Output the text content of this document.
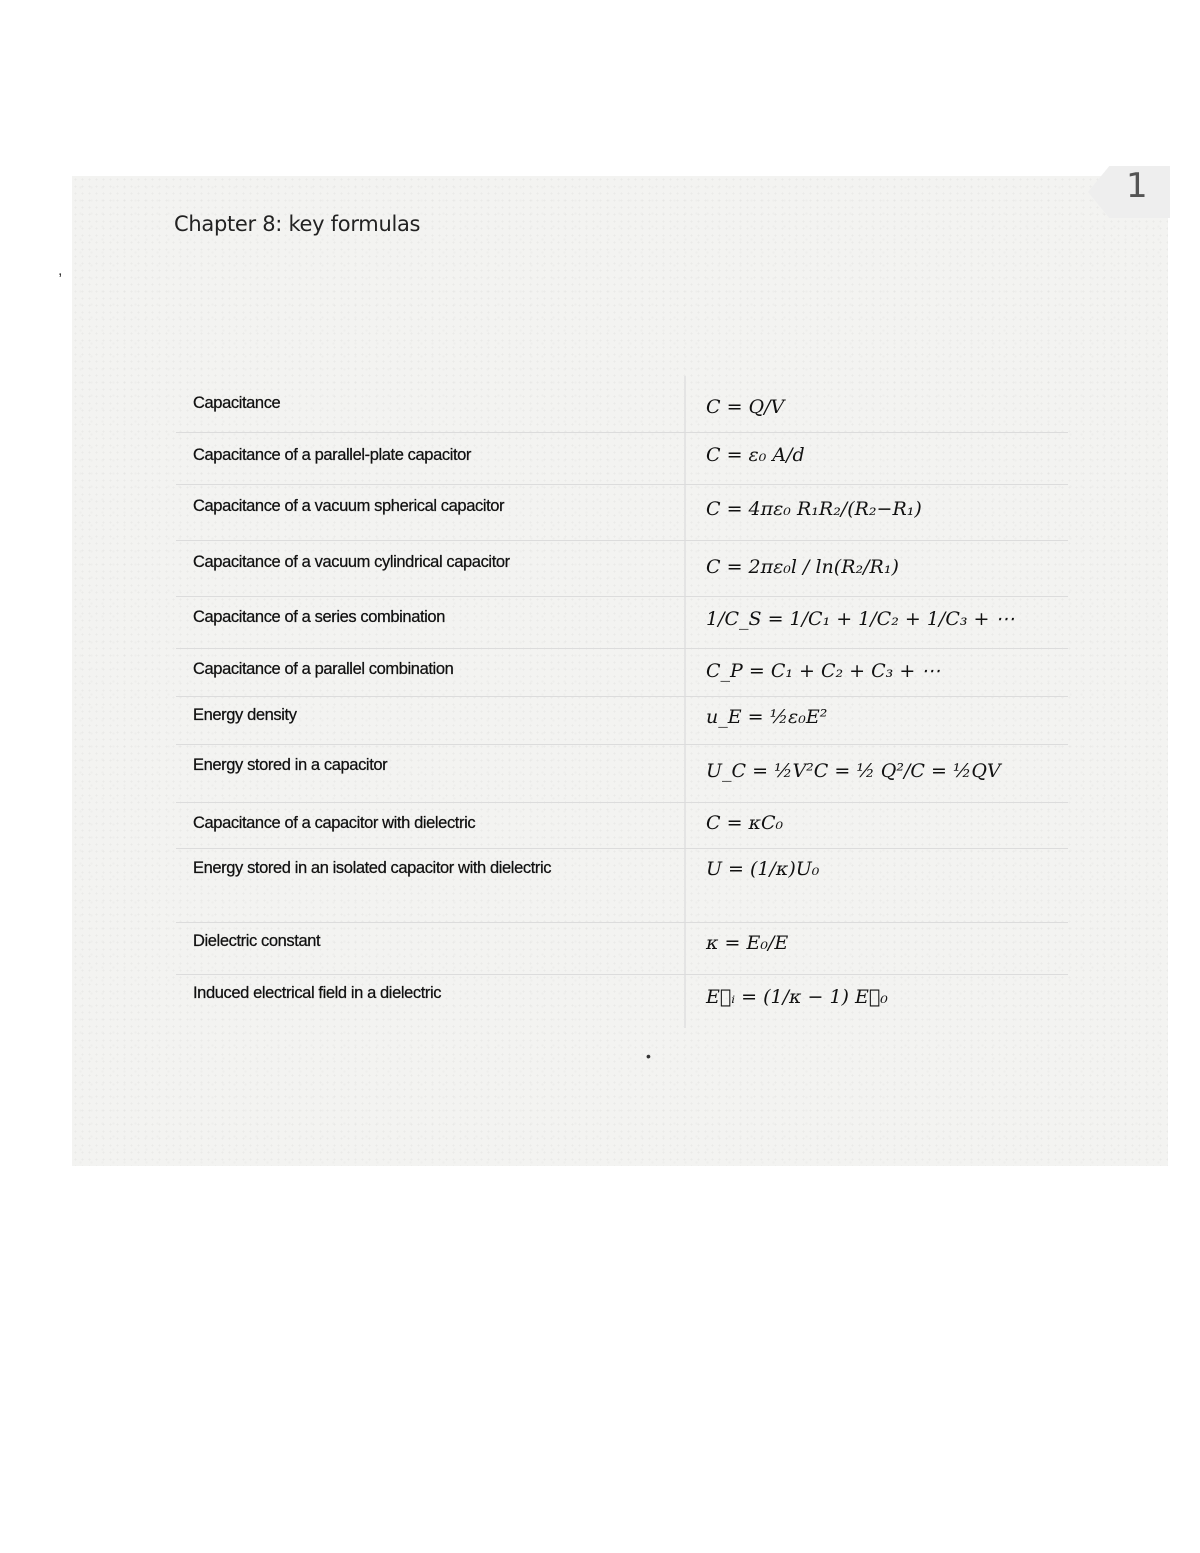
1
Chapter 8: key formulas
,
Capacitance	C = Q/V
Capacitance of a parallel-plate capacitor	C = ε₀ A/d
Capacitance of a vacuum spherical capacitor	C = 4πε₀ R₁R₂/(R₂−R₁)
Capacitance of a vacuum cylindrical capacitor	C = 2πε₀l / ln(R₂/R₁)
Capacitance of a series combination	1/C_S = 1/C₁ + 1/C₂ + 1/C₃ + ⋯
Capacitance of a parallel combination	C_P = C₁ + C₂ + C₃ + ⋯
Energy density	u_E = ½ε₀E²
Energy stored in a capacitor	U_C = ½V²C = ½ Q²/C = ½QV
Capacitance of a capacitor with dielectric	C = κC₀
Energy stored in an isolated capacitor with dielectric	U = (1/κ)U₀
Dielectric constant	κ = E₀/E
Induced electrical field in a dielectric	E⃗ᵢ = (1/κ − 1) E⃗₀
•
